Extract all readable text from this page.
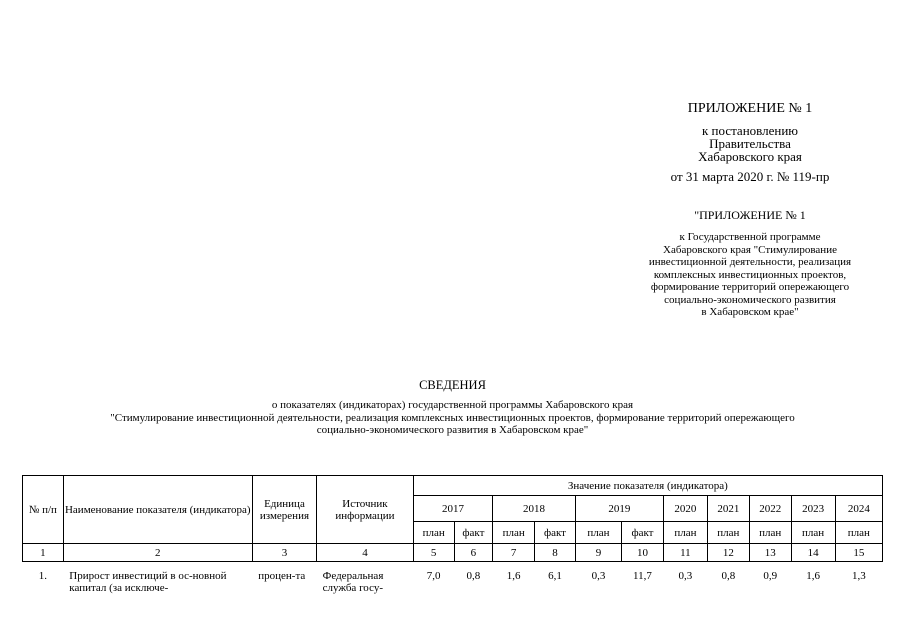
ПРИЛОЖЕНИЕ № 1
к постановлению
Правительства
Хабаровского края
от 31 марта 2020 г. № 119-пр
"ПРИЛОЖЕНИЕ № 1
к Государственной программе
Хабаровского края "Стимулирование
инвестиционной деятельности, реализация
комплексных инвестиционных проектов,
формирование территорий опережающего
социально-экономического развития
в Хабаровском крае"
СВЕДЕНИЯ
о показателях (индикаторах) государственной программы Хабаровского края
"Стимулирование инвестиционной деятельности, реализация комплексных инвестиционных проектов, формирование территорий опережающего
социально-экономического развития в Хабаровском крае"
№ п/п	Наименование показателя (индикатора)	Единица измерения	Источник информации	Значение показателя (индикатора)										
				2017		2018		2019		2020	2021	2022	2023	2024
				план	факт	план	факт	план	факт	план	план	план	план	план
1	2	3	4	5	6	7	8	9	10	11	12	13	14	15
1.	Прирост инвестиций в ос-новной капитал (за исключе-	процен-та	Федеральная служба госу-	7,0	0,8	1,6	6,1	0,3	11,7	0,3	0,8	0,9	1,6	1,3
